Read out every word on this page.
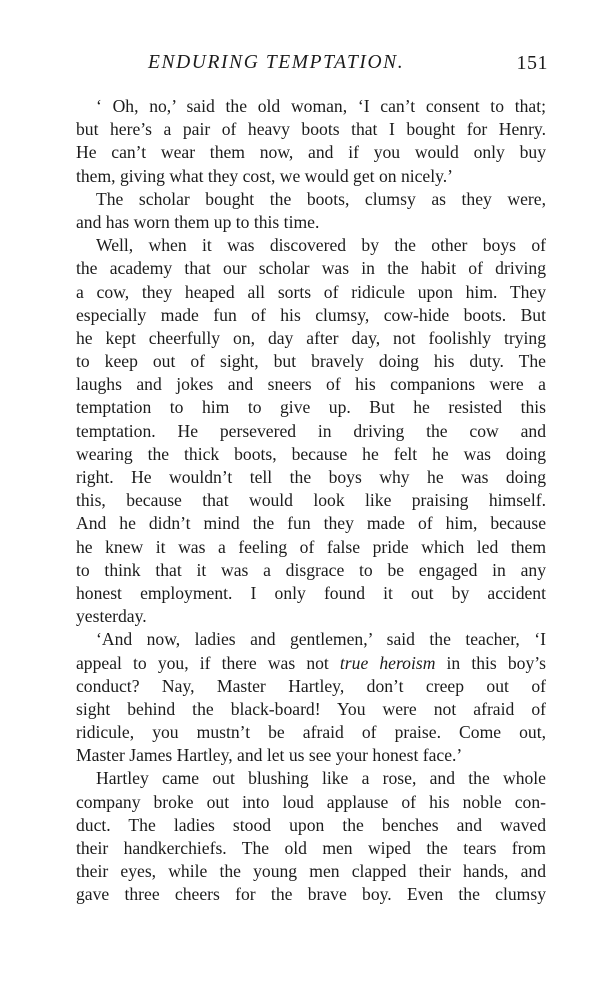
ENDURING TEMPTATION.	151

‘ Oh, no,’ said the old woman, ‘I can’t consent to that;
but here’s a pair of heavy boots that I bought for Henry.
He can’t wear them now, and if you would only buy
them, giving what they cost, we would get on nicely.’

The scholar bought the boots, clumsy as they were,
and has worn them up to this time.

Well, when it was discovered by the other boys of
the academy that our scholar was in the habit of driving
a cow, they heaped all sorts of ridicule upon him. They
especially made fun of his clumsy, cow-hide boots. But
he kept cheerfully on, day after day, not foolishly trying
to keep out of sight, but bravely doing his duty. The
laughs and jokes and sneers of his companions were a
temptation to him to give up. But he resisted this
temptation. He persevered in driving the cow and
wearing the thick boots, because he felt he was doing
right. He wouldn’t tell the boys why he was doing
this, because that would look like praising himself.
And he didn’t mind the fun they made of him, because
he knew it was a feeling of false pride which led them
to think that it was a disgrace to be engaged in any
honest employment. I only found it out by accident
yesterday.

‘And now, ladies and gentlemen,’ said the teacher, ‘I
appeal to you, if there was not true heroism in this boy’s
conduct? Nay, Master Hartley, don’t creep out of
sight behind the black-board! You were not afraid of
ridicule, you mustn’t be afraid of praise. Come out,
Master James Hartley, and let us see your honest face.’

Hartley came out blushing like a rose, and the whole
company broke out into loud applause of his noble con-
duct. The ladies stood upon the benches and waved
their handkerchiefs. The old men wiped the tears from
their eyes, while the young men clapped their hands, and
gave three cheers for the brave boy. Even the clumsy
